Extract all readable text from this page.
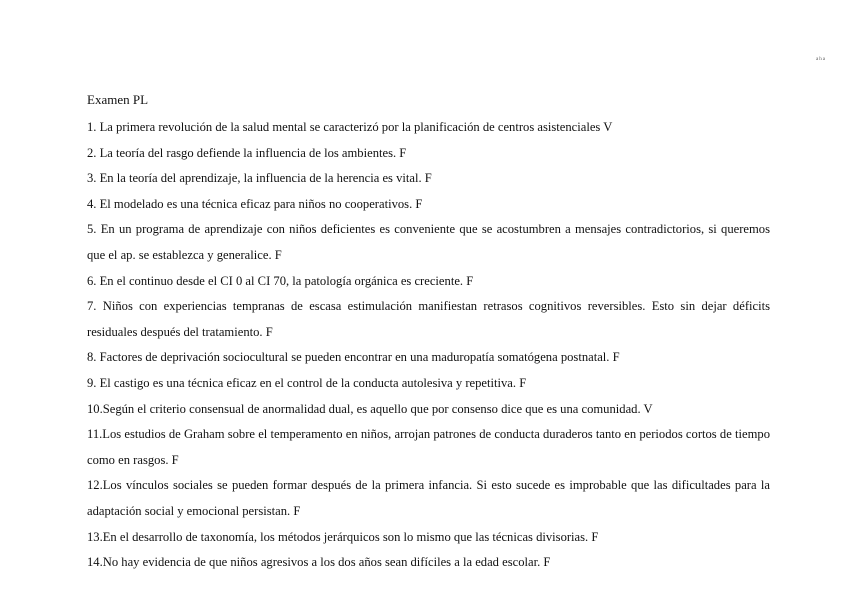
aha
Examen PL

1. La primera revolución de la salud mental se caracterizó por la planificación de centros asistenciales V

2. La teoría del rasgo defiende la influencia de los ambientes. F

3. En la teoría del aprendizaje, la influencia de la herencia es vital. F

4. El modelado es una técnica eficaz para niños no cooperativos. F

5. En un programa de aprendizaje con niños deficientes es conveniente que se acostumbren a mensajes contradictorios, si queremos que el ap. se establezca y generalice. F

6. En el continuo desde el CI 0 al CI 70, la patología orgánica es creciente. F

7. Niños con experiencias tempranas de escasa estimulación manifiestan retrasos cognitivos reversibles. Esto sin dejar déficits residuales después del tratamiento. F

8. Factores de deprivación sociocultural se pueden encontrar en una maduropatía somatógena postnatal. F

9. El castigo es una técnica eficaz en el control de la conducta autolesiva y repetitiva. F

10.Según el criterio consensual de anormalidad dual, es aquello que por consenso dice que es una comunidad. V

11.Los estudios de Graham sobre el temperamento en niños, arrojan patrones de conducta duraderos tanto en periodos cortos de tiempo como en rasgos. F

12.Los vínculos sociales se pueden formar después de la primera infancia. Si esto sucede es improbable que las dificultades para la adaptación social y emocional persistan. F

13.En el desarrollo de taxonomía, los métodos jerárquicos son lo mismo que las técnicas divisorias. F

14.No hay evidencia de que niños agresivos a los dos años sean difíciles a la edad escolar. F
